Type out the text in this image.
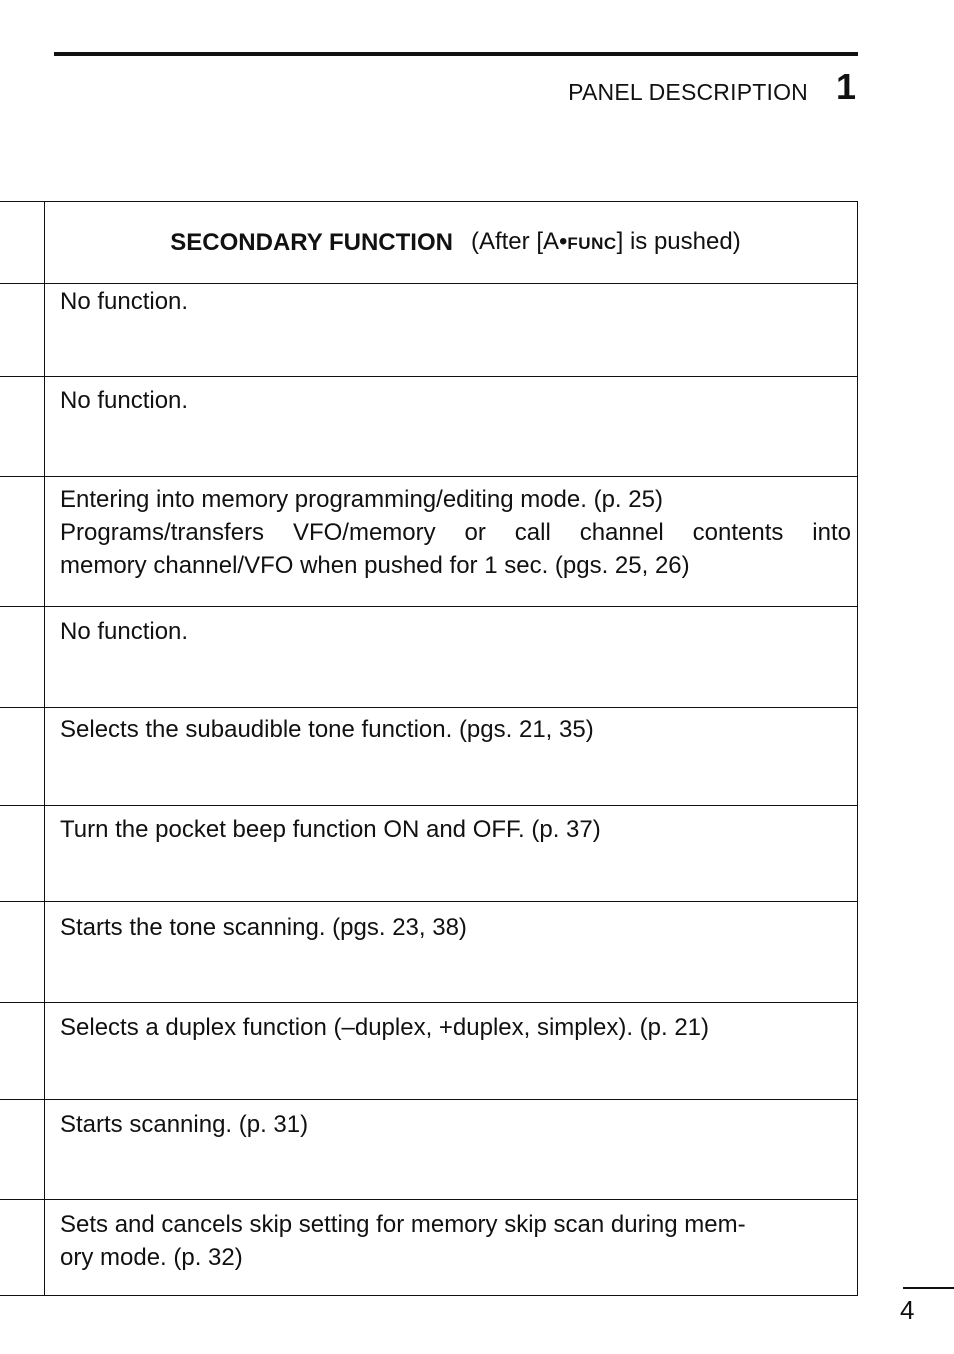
PANEL DESCRIPTION 1
SECONDARY FUNCTION (After [A•FUNC] is pushed)
No function.
No function.
Entering into memory programming/editing mode. (p. 25)
Programs/transfers VFO/memory or call channel contents into
memory channel/VFO when pushed for 1 sec. (pgs. 25, 26)
No function.
Selects the subaudible tone function. (pgs. 21, 35)
Turn the pocket beep function ON and OFF. (p. 37)
Starts the tone scanning. (pgs. 23, 38)
Selects a duplex function (–duplex, +duplex, simplex). (p. 21)
Starts scanning. (p. 31)
Sets and cancels skip setting for memory skip scan during mem-
ory mode. (p. 32)
4
